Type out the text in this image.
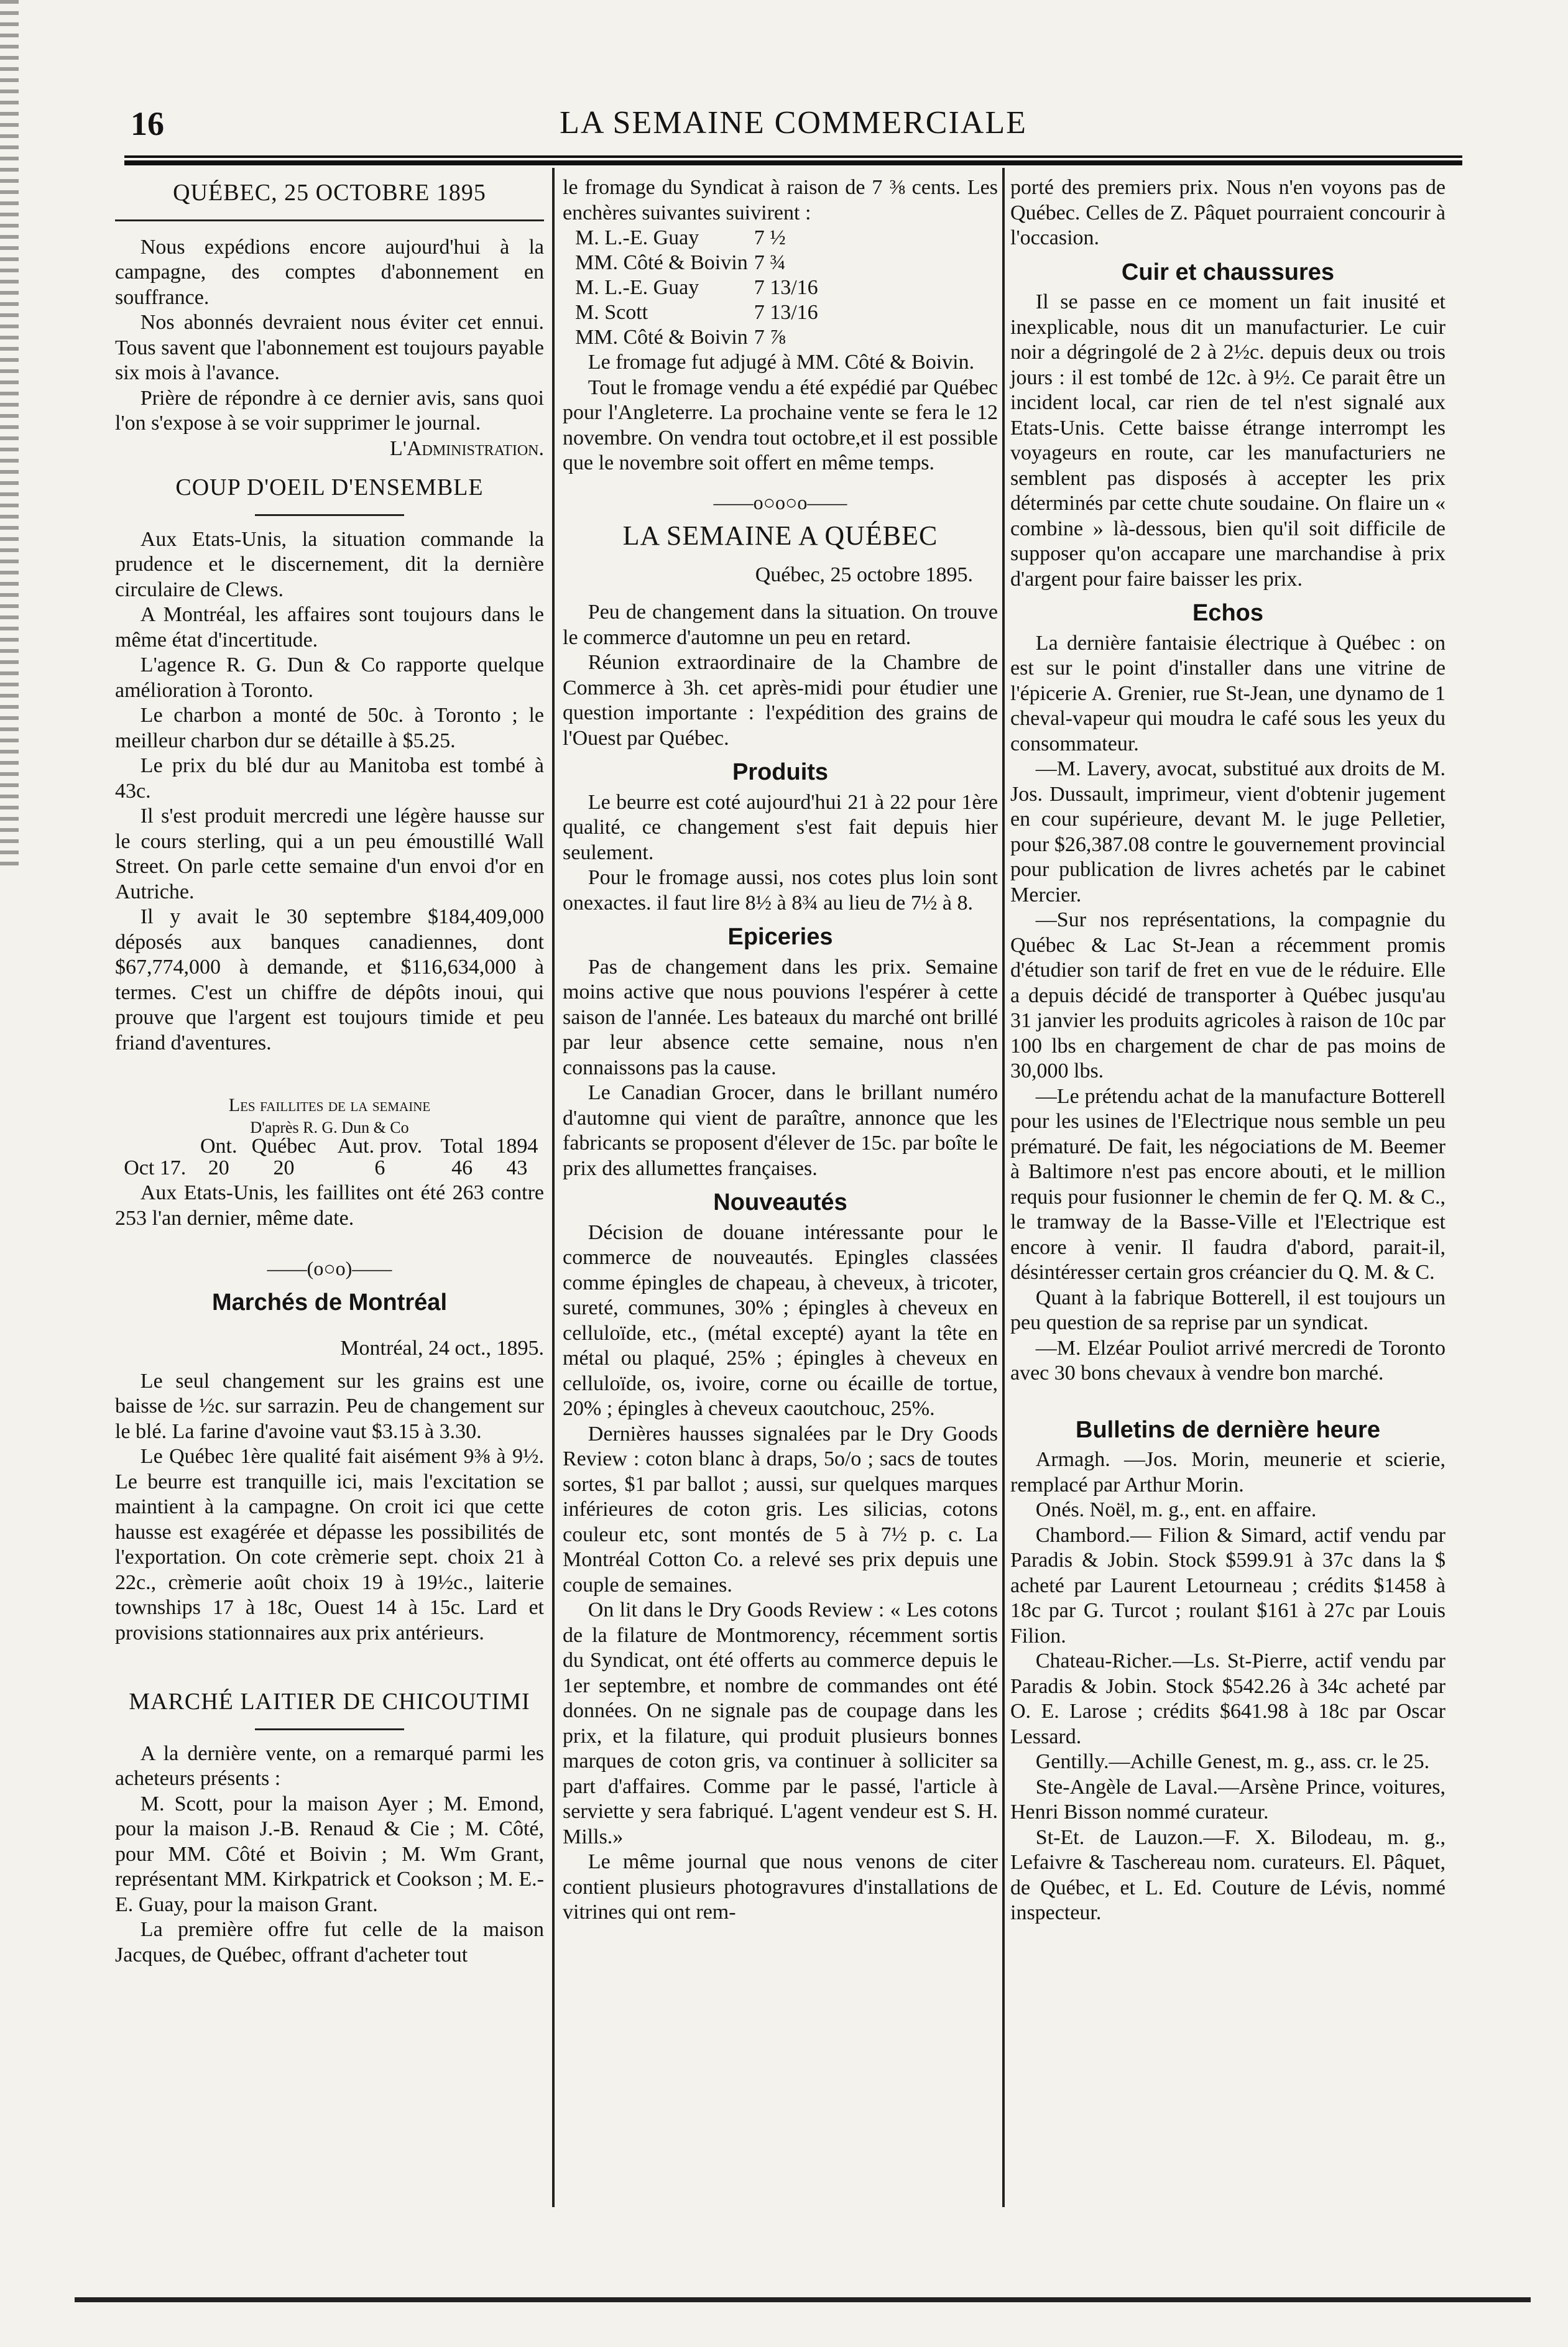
16	LA SEMAINE COMMERCIALE
QUÉBEC, 25 OCTOBRE 1895

Nous expédions encore aujourd'hui à la campagne, des comptes d'abonnement en souffrance.

Nos abonnés devraient nous éviter cet ennui. Tous savent que l'abonnement est toujours payable six mois à l'avance.

Prière de répondre à ce dernier avis, sans quoi l'on s'expose à se voir supprimer le journal.

L'Administration.
COUP D'OEIL D'ENSEMBLE

Aux Etats-Unis, la situation commande la prudence et le discernement, dit la dernière circulaire de Clews.

A Montréal, les affaires sont toujours dans le même état d'incertitude.

L'agence R. G. Dun & Co rapporte quelque amélioration à Toronto.

Le charbon a monté de 50c. à Toronto ; le meilleur charbon dur se détaille à $5.25.

Le prix du blé dur au Manitoba est tombé à 43c.

Il s'est produit mercredi une légère hausse sur le cours sterling, qui a un peu émoustillé Wall Street. On parle cette semaine d'un envoi d'or en Autriche.

Il y avait le 30 septembre $184,409,000 déposés aux banques canadiennes, dont $67,774,000 à demande, et $116,634,000 à termes. C'est un chiffre de dépôts inoui, qui prouve que l'argent est toujours timide et peu friand d'aventures.

Les faillites de la semaine
D'après R. G. Dun & Co
	Ont.	Québec	Aut. prov.	Total	1894
Oct 17.	20	20	6	46	43

Aux Etats-Unis, les faillites ont été 263 contre 253 l'an dernier, même date.

——(o○o)——
Marchés de Montréal
Montréal, 24 oct., 1895.

Le seul changement sur les grains est une baisse de ½c. sur sarrazin. Peu de changement sur le blé. La farine d'avoine vaut $3.15 à 3.30.

Le Québec 1ère qualité fait aisément 9⅜ à 9½. Le beurre est tranquille ici, mais l'excitation se maintient à la campagne. On croit ici que cette hausse est exagérée et dépasse les possibilités de l'exportation. On cote crèmerie sept. choix 21 à 22c., crèmerie août choix 19 à 19½c., laiterie townships 17 à 18c, Ouest 14 à 15c. Lard et provisions stationnaires aux prix antérieurs.

MARCHÉ LAITIER DE CHICOUTIMI

A la dernière vente, on a remarqué parmi les acheteurs présents :

M. Scott, pour la maison Ayer ; M. Emond, pour la maison J.-B. Renaud & Cie ; M. Côté, pour MM. Côté et Boivin ; M. Wm Grant, représentant MM. Kirkpatrick et Cookson ; M. E.-E. Guay, pour la maison Grant.

La première offre fut celle de la maison Jacques, de Québec, offrant d'acheter tout

le fromage du Syndicat à raison de 7 ⅜ cents. Les enchères suivantes suivirent :

M. L.-E. Guay	7 ½
MM. Côté & Boivin	7 ¾
M. L.-E. Guay	7 13/16
M. Scott	7 13/16
MM. Côté & Boivin	7 ⅞

Le fromage fut adjugé à MM. Côté & Boivin.

Tout le fromage vendu a été expédié par Québec pour l'Angleterre. La prochaine vente se fera le 12 novembre. On vendra tout octobre,et il est possible que le novembre soit offert en même temps.

——o○o○o——
LA SEMAINE A QUÉBEC
Québec, 25 octobre 1895.

Peu de changement dans la situation. On trouve le commerce d'automne un peu en retard.

Réunion extraordinaire de la Chambre de Commerce à 3h. cet après-midi pour étudier une question importante : l'expédition des grains de l'Ouest par Québec.

Produits

Le beurre est coté aujourd'hui 21 à 22 pour 1ère qualité, ce changement s'est fait depuis hier seulement.

Pour le fromage aussi, nos cotes plus loin sont onexactes. il faut lire 8½ à 8¾ au lieu de 7½ à 8.

Epiceries

Pas de changement dans les prix. Semaine moins active que nous pouvions l'espérer à cette saison de l'année. Les bateaux du marché ont brillé par leur absence cette semaine, nous n'en connaissons pas la cause.

Le Canadian Grocer, dans le brillant numéro d'automne qui vient de paraître, annonce que les fabricants se proposent d'élever de 15c. par boîte le prix des allumettes françaises.

Nouveautés

Décision de douane intéressante pour le commerce de nouveautés. Epingles classées comme épingles de chapeau, à cheveux, à tricoter, sureté, communes, 30% ; épingles à cheveux en celluloïde, etc., (métal excepté) ayant la tête en métal ou plaqué, 25% ; épingles à cheveux en celluloïde, os, ivoire, corne ou écaille de tortue, 20% ; épingles à cheveux caoutchouc, 25%.

Dernières hausses signalées par le Dry Goods Review : coton blanc à draps, 5o/o ; sacs de toutes sortes, $1 par ballot ; aussi, sur quelques marques inférieures de coton gris. Les silicias, cotons couleur etc, sont montés de 5 à 7½ p. c. La Montréal Cotton Co. a relevé ses prix depuis une couple de semaines.

On lit dans le Dry Goods Review : « Les cotons de la filature de Montmorency, récemment sortis du Syndicat, ont été offerts au commerce depuis le 1er septembre, et nombre de commandes ont été données. On ne signale pas de coupage dans les prix, et la filature, qui produit plusieurs bonnes marques de coton gris, va continuer à solliciter sa part d'affaires. Comme par le passé, l'article à serviette y sera fabriqué. L'agent vendeur est S. H. Mills.»

Le même journal que nous venons de citer contient plusieurs photogravures d'installations de vitrines qui ont rem-

porté des premiers prix. Nous n'en voyons pas de Québec. Celles de Z. Pâquet pourraient concourir à l'occasion.

Cuir et chaussures

Il se passe en ce moment un fait inusité et inexplicable, nous dit un manufacturier. Le cuir noir a dégringolé de 2 à 2½c. depuis deux ou trois jours : il est tombé de 12c. à 9½. Ce parait être un incident local, car rien de tel n'est signalé aux Etats-Unis. Cette baisse étrange interrompt les voyageurs en route, car les manufacturiers ne semblent pas disposés à accepter les prix déterminés par cette chute soudaine. On flaire un « combine » là-dessous, bien qu'il soit difficile de supposer qu'on accapare une marchandise à prix d'argent pour faire baisser les prix.

Echos

La dernière fantaisie électrique à Québec : on est sur le point d'installer dans une vitrine de l'épicerie A. Grenier, rue St-Jean, une dynamo de 1 cheval-vapeur qui moudra le café sous les yeux du consommateur.

—M. Lavery, avocat, substitué aux droits de M. Jos. Dussault, imprimeur, vient d'obtenir jugement en cour supérieure, devant M. le juge Pelletier, pour $26,387.08 contre le gouvernement provincial pour publication de livres achetés par le cabinet Mercier.

—Sur nos représentations, la compagnie du Québec & Lac St-Jean a récemment promis d'étudier son tarif de fret en vue de le réduire. Elle a depuis décidé de transporter à Québec jusqu'au 31 janvier les produits agricoles à raison de 10c par 100 lbs en chargement de char de pas moins de 30,000 lbs.

—Le prétendu achat de la manufacture Botterell pour les usines de l'Electrique nous semble un peu prématuré. De fait, les négociations de M. Beemer à Baltimore n'est pas encore abouti, et le million requis pour fusionner le chemin de fer Q. M. & C., le tramway de la Basse-Ville et l'Electrique est encore à venir. Il faudra d'abord, parait-il, désintéresser certain gros créancier du Q. M. & C.

Quant à la fabrique Botterell, il est toujours un peu question de sa reprise par un syndicat.

—M. Elzéar Pouliot arrivé mercredi de Toronto avec 30 bons chevaux à vendre bon marché.

Bulletins de dernière heure

Armagh. —Jos. Morin, meunerie et scierie, remplacé par Arthur Morin.

Onés. Noël, m. g., ent. en affaire.

Chambord.— Filion & Simard, actif vendu par Paradis & Jobin. Stock $599.91 à 37c dans la $ acheté par Laurent Letourneau ; crédits $1458 à 18c par G. Turcot ; roulant $161 à 27c par Louis Filion.

Chateau-Richer.—Ls. St-Pierre, actif vendu par Paradis & Jobin. Stock $542.26 à 34c acheté par O. E. Larose ; crédits $641.98 à 18c par Oscar Lessard.

Gentilly.—Achille Genest, m. g., ass. cr. le 25.

Ste-Angèle de Laval.—Arsène Prince, voitures, Henri Bisson nommé curateur.

St-Et. de Lauzon.—F. X. Bilodeau, m. g., Lefaivre & Taschereau nom. curateurs. El. Pâquet, de Québec, et L. Ed. Couture de Lévis, nommé inspecteur.
